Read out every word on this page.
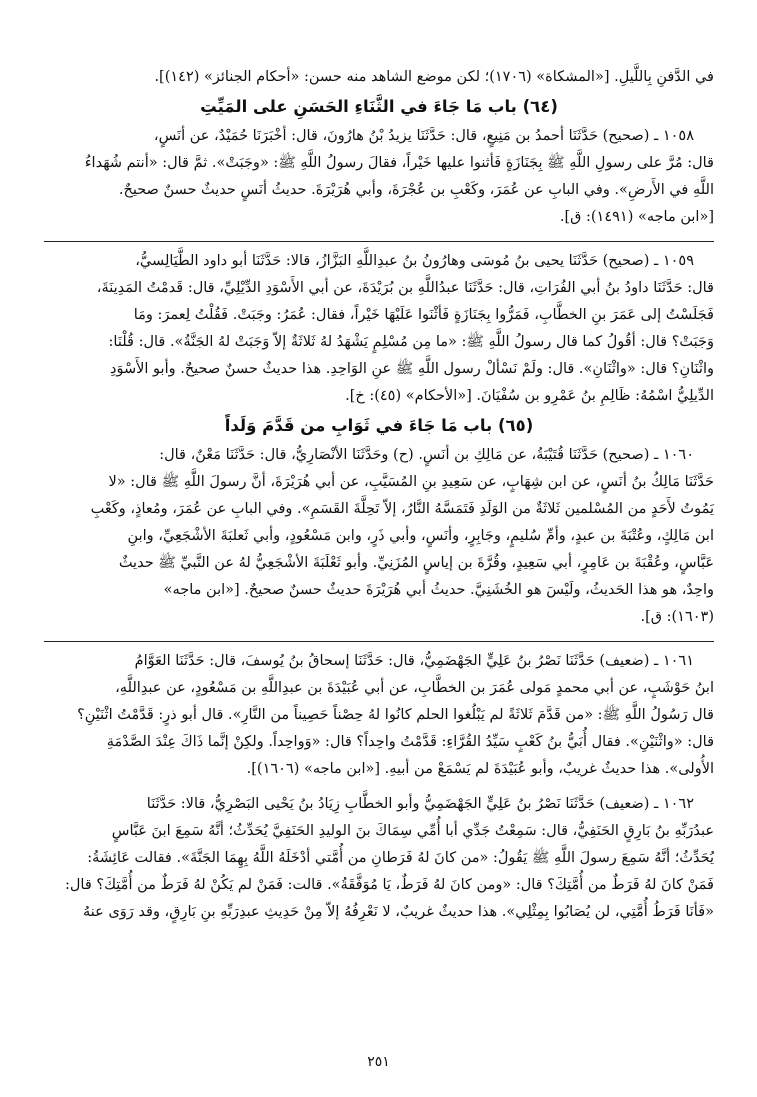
في الدَّفنِ بِاللَّيلِ. [«المشكاة» (١٧٠٦)؛ لكن موضع الشاهد منه حسن: «أحكام الجنائز» (١٤٢)].
(٦٤) باب مَا جَاءَ في الثَّنَاءِ الحَسَنِ على المَيِّتِ
١٠٥٨ ـ (صحيح) حَدَّثَنَا أحمدُ بن مَنِيعٍ، قال: حَدَّثَنَا يزيدُ بْنُ هارُونَ، قال: أخْبَرَنَا حُمَيْدٌ، عن أنَسٍ،
قال: مُرَّ على رسولِ اللَّهِ ﷺ بِجَنَازَةٍ فَأثنوا عليها خَيْراً، فقالَ رسولُ اللَّهِ ﷺ: «وجَبَتْ». ثمَّ قال: «أنتم شُهَداءُ
اللَّهِ في الأَرضِ». وفي البابِ عن عُمَرَ، وكَعْبِ بن عُجْرَةَ، وأبي هُرَيْرَةَ. حديثُ أنَسٍ حديثٌ حسنٌ صحيحٌ.
[«ابن ماجه» (١٤٩١): ق].
١٠٥٩ ـ (صحيح) حَدَّثَنَا يحيى بنُ مُوسَى وهارُونُ بنُ عبدِاللَّهِ البَزَّازُ، قالا: حَدَّثَنَا أبو داود الطَّيَالِسيُّ،
قال: حَدَّثَنَا داودُ بنُ أبي الفُرَاتِ، قال: حَدَّثَنَا عبدُاللَّهِ بن بُرَيْدَةَ، عن أبي الأَسْوَدِ الدِّيْلِيِّ، قال: قَدمْتُ المَدِينَةَ،
فَجَلَسْتُ إلى عَمَرَ بنِ الخطَّابِ، فَمَرُّوا بِجَنَازَةٍ فَأثْنَوا عَلَيْهَا خَيْراً، فقال: عُمَرُ: وجَبَتْ. فَقُلْتُ لِعمرَ: ومَا
وَجَبَتْ؟ قال: أقُولُ كما قال رسولُ اللَّهِ ﷺ: «ما مِن مُسْلِمٍ يَشْهَدُ لهُ ثَلاثَةٌ إلاّ وَجَبَتْ لهُ الجَنَّةُ». قال: قُلْنَا:
واثْنَانِ؟ قال: «واثْنَانِ». قال: ولَمْ نَسْألْ رسول اللَّهِ ﷺ عنِ الوَاحِدِ. هذا حديثٌ حسنٌ صحيحٌ. وأبو الأَسْوَدِ
الدِّيلِيُّ اسْمُهُ: ظَالِمِ بنُ عَمْرِو بن سُفْيَانَ. [«الأحكام» (٤٥): خ].
(٦٥) باب مَا جَاءَ في ثَوَابِ من قَدَّمَ وَلَداً
١٠٦٠ ـ (صحيح) حَدَّثَنَا قُتَيْبَةُ، عن مَالِكِ بن أنَسٍ. (ح) وحَدَّثَنَا الأنْصَارِيُّ، قال: حَدَّثَنَا مَعْنٌ، قال:
حَدَّثَنَا مَالِكُ بنُ أنَسٍ، عن ابن شِهَابٍ، عن سَعِيدِ بنِ المُسَيَّبِ، عن أبي هُرَيْرَةَ، أنَّ رسولَ اللَّهِ ﷺ قال: «لا
يَمُوتُ لأَحَدٍ من المُسْلمين ثَلاثَةٌ من الوَلَدِ فَتَمَسَّهُ النَّارُ، إلاّ تَحِلَّةَ القَسَمِ». وفي البابِ عن عُمَرَ، ومُعاذٍ، وكَعْبِ
ابن مَالِكٍ، وعُتْبَةَ بن عبدٍ، وأمِّ سُليمٍ، وجَابِرٍ، وأنَسٍ، وأبي ذَرٍ، وابن مَسْعُودٍ، وأبي ثَعلبَةَ الأشْجَعِيِّ، وابنِ
عَبَّاسٍ، وعُقْبَةَ بن عَامِرٍ، أبي سَعِيدٍ، وقُرَّةَ بن إياسٍ المُزَنِيِّ. وأبو ثَعْلَبَةَ الأشْجَعِيُّ لهُ عن النَّبيِّ ﷺ حديثٌ
واحِدٌ، هو هذا الحَديثُ، ولَيْسَ هو الخُشَنِيَّ. حديثُ أبي هُرَيْرَةَ حديثٌ حسنٌ صحيحٌ. [«ابن ماجه»
(١٦٠٣): ق].
١٠٦١ ـ (ضعيف) حَدَّثَنَا نَصْرُ بنُ عَلِيٍّ الجَهْضَمِيُّ، قال: حَدَّثَنَا إسحاقُ بنُ يُوسفَ، قال: حَدَّثَنَا العَوَّامُ
ابنُ حَوْشَبٍ، عن أبي محمدٍ مَولى عُمَرَ بن الخطَّابِ، عن أبي عُبَيْدَةَ بن عبدِاللَّهِ بن مَسْعُودٍ، عن عبدِاللَّهِ،
قال رَسُولُ اللَّهِ ﷺ: «من قَدَّمَ ثَلاثَةً لم يَبْلُغوا الحلم كانُوا لهُ حِصْناً حَصِيناً من النَّارِ». قال أبو ذرٍ: قَدَّمْتُ اثْنَيْنِ؟
قال: «واثْنَيْنِ». فقال أُبَيُّ بنُ كَعْبٍ سَيِّدُ القُرَّاءِ: قَدَّمْتُ واحِداً؟ قال: «وَواحِداً. ولكِنْ إنَّما ذَاكَ عِنْدَ الصَّدْمَةِ
الأُولى». هذا حديثٌ غريبٌ، وأبو عُبَيْدَةَ لم يَسْمَعْ من أبيهِ. [«ابن ماجه» (١٦٠٦)].
١٠٦٢ ـ (ضعيف) حَدَّثَنَا نَصْرُ بنُ عَلِيٍّ الجَهْضَمِيُّ وأبو الخطَّابِ زِيَادُ بنُ يَحْيى البَصْرِيُّ، قالا: حَدَّثَنَا
عبدُرَبِّهِ بنُ بَارِقٍ الحَنَفِيُّ، قال: سَمِعْتُ جَدِّي أبا أُمِّي سِمَاكَ بنَ الوليدِ الحَنَفِيَّ يُحَدِّثُ؛ أنَّهُ سَمِعَ ابنَ عَبَّاسٍ
يُحَدِّثُ؛ أنَّهُ سَمِعَ رسولَ اللَّهِ ﷺ يَقُولُ: «من كانَ لهُ فَرَطانِ من أُمَّتي أدْخَلَهُ اللَّهُ بِهِمَا الجَنَّةَ». فقالت عَائِشَةُ:
فَمَنْ كانَ لهُ فَرَطٌ من أُمَّتِكَ؟ قال: «ومن كانَ لهُ فَرَطٌ، يَا مُوَفَّقَةُ». قالت: فَمَنْ لم يَكُنْ لهُ فَرَطٌ من أُمَّتِكَ؟ قال:
«فَأنَا فَرَطُ أُمَّتِي، لن يُصَابُوا بِمِثْلِي». هذا حديثٌ غريبٌ، لا نَعْرِفُهُ إلاّ مِنْ حَدِيثِ عبدِرَبِّهِ بنِ بَارِقٍ، وقد رَوَى عنهُ
٢٥١
